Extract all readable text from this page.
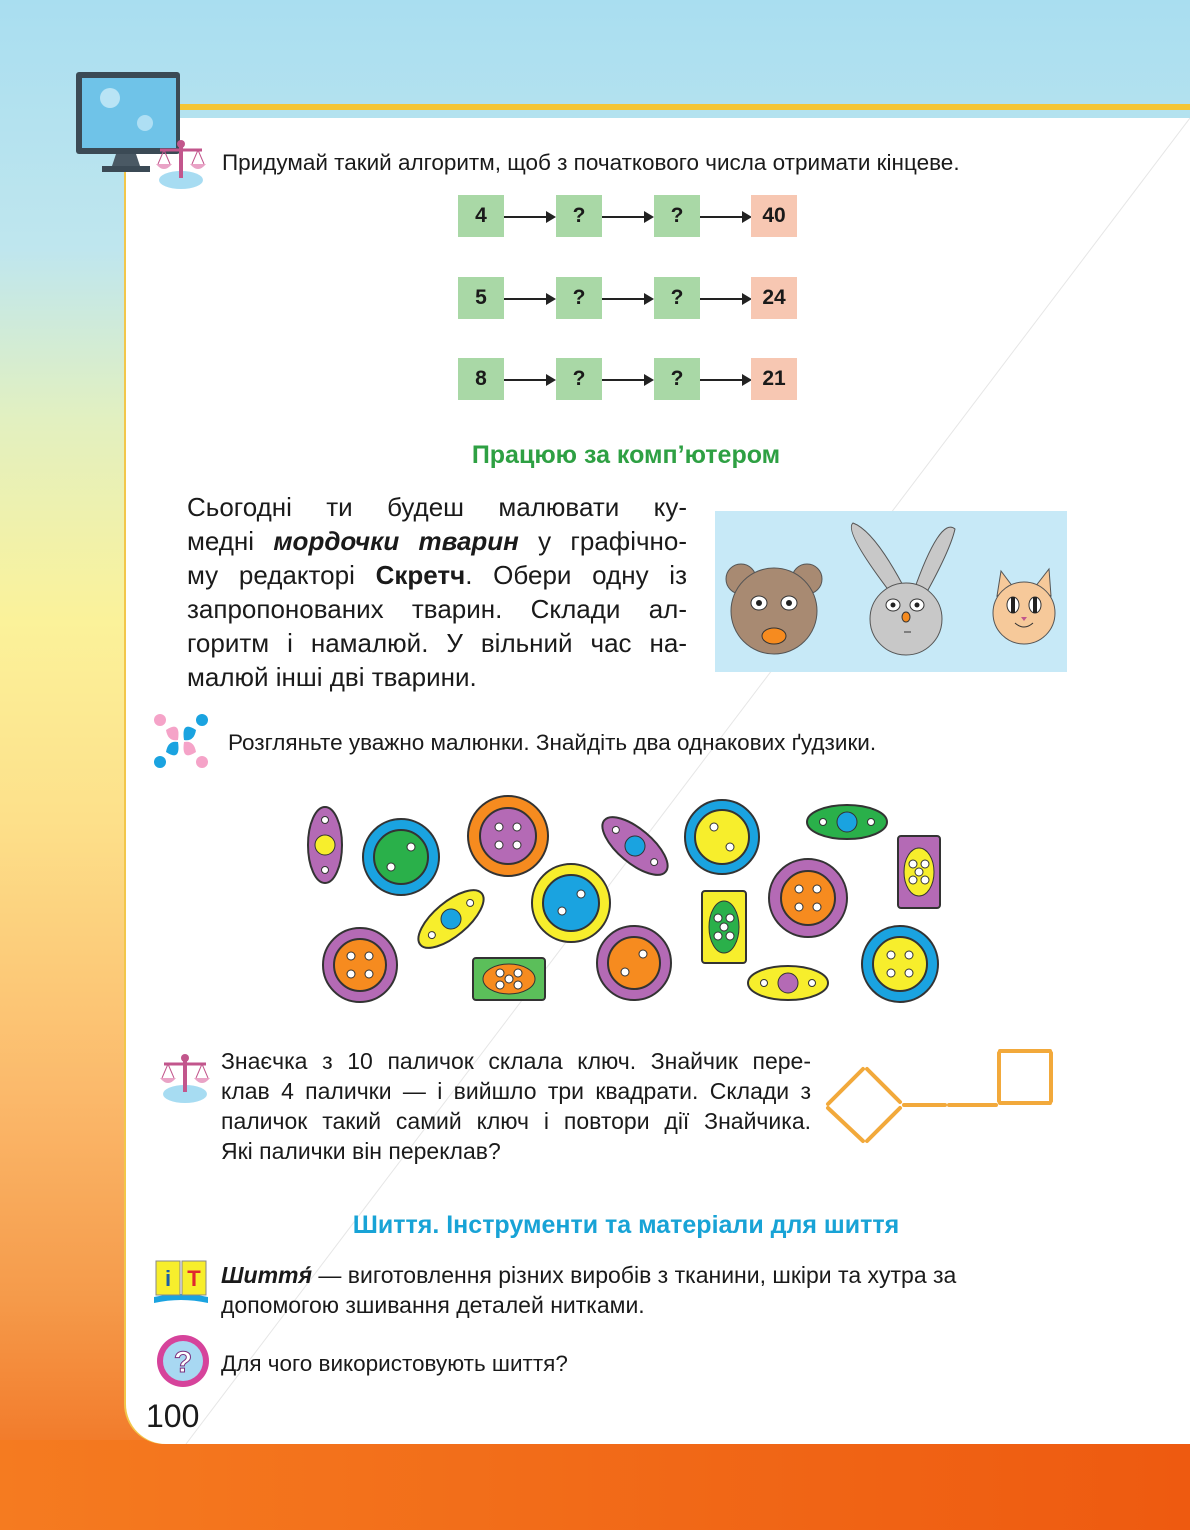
Придумай такий алгоритм, щоб з початкового числа отримати кінцеве.
4	?	?	40
5	?	?	24
8	?	?	21
Працюю за комп’ютером
Сьогодні ти будеш малювати ку-
медні мордочки тварин у графічно-
му редакторі Скретч. Обери одну із
запропонованих тварин. Склади ал-
горитм і намалюй. У вільний час на-
малюй інші дві тварини.
Розгляньте уважно малюнки. Знайдіть два однакових ґудзики.
Знаєчка з 10 паличок склала ключ. Знайчик пере-
клав 4 палички — і вийшло три квадрати. Склади з
паличок такий самий ключ і повтори дії Знайчика.
Які палички він переклав?
Шиття. Інструменти та матеріали для шиття
i T Шиття́ — виготовлення різних виробів з тканини, шкіри та хутра за
допомогою зшивання деталей нитками.
? Для чого використовують шиття?
100
